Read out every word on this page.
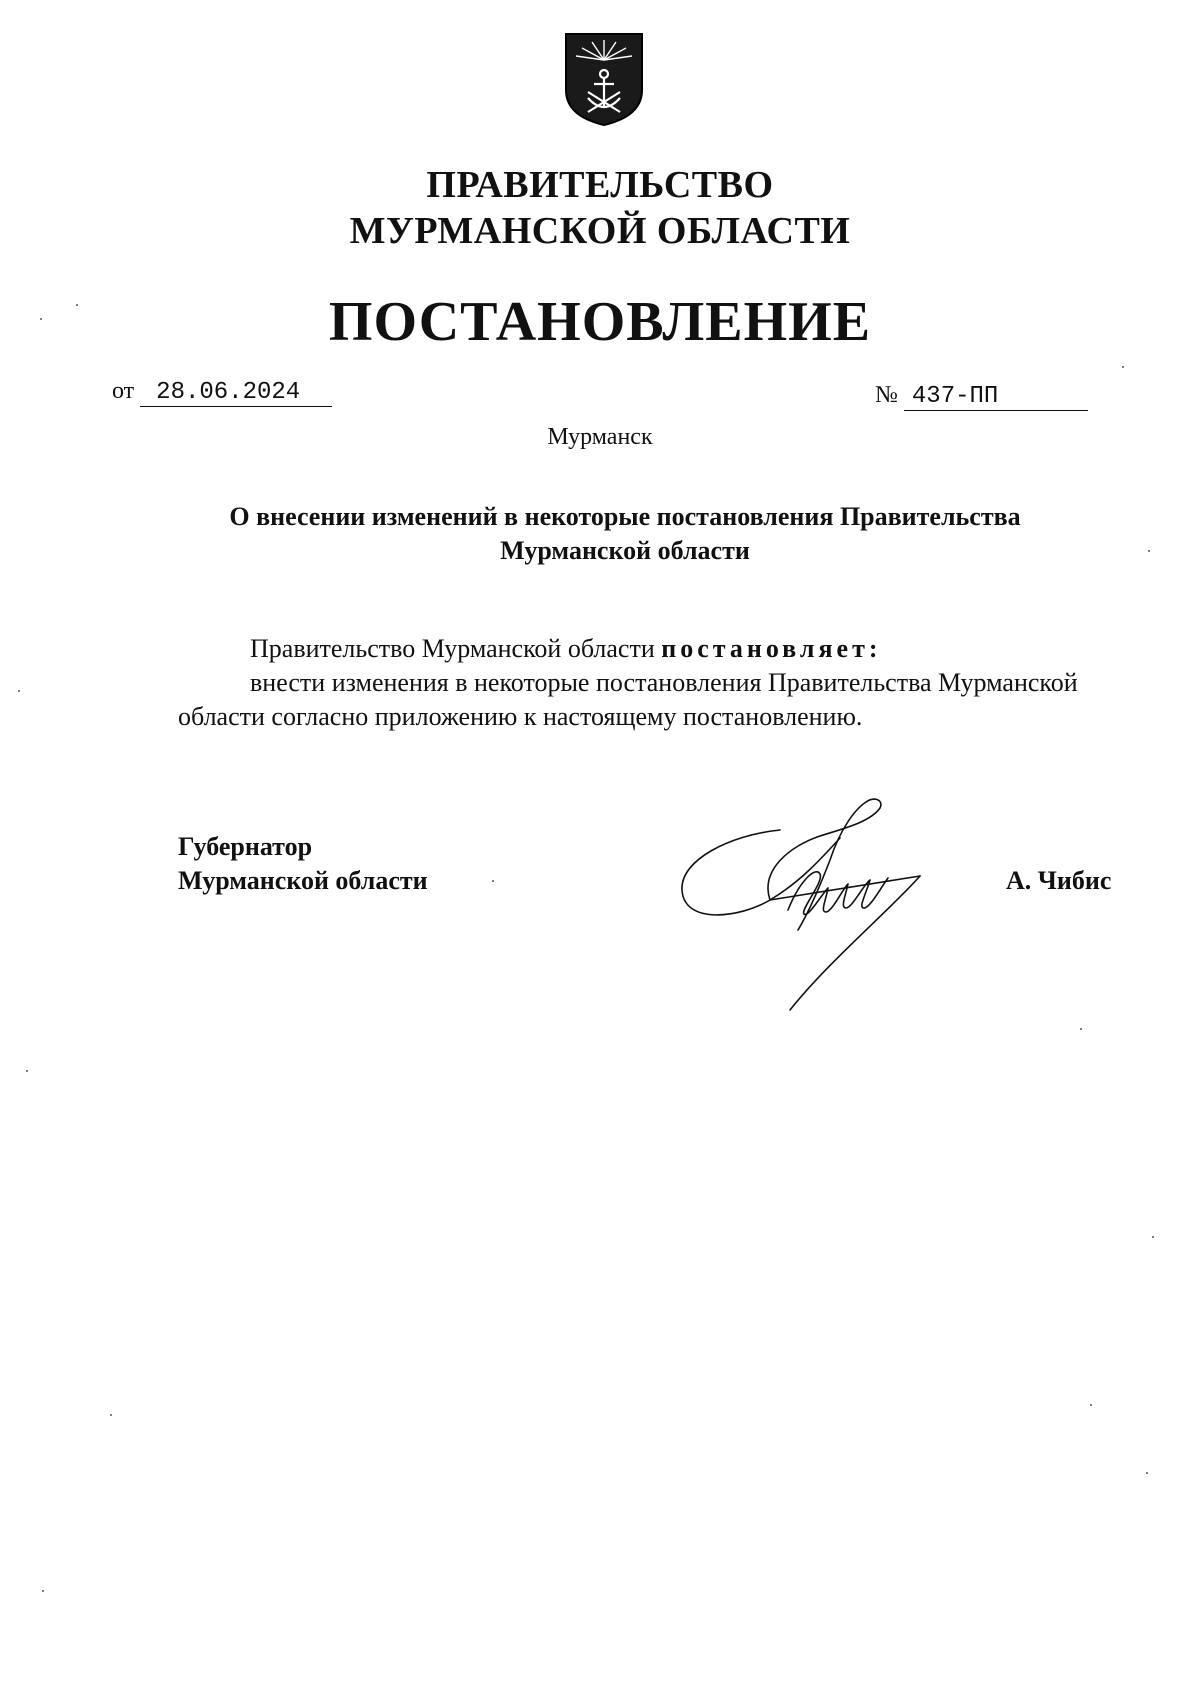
ПРАВИТЕЛЬСТВО
МУРМАНСКОЙ ОБЛАСТИ
ПОСТАНОВЛЕНИЕ
от 28.06.2024	№ 437-ПП
Мурманск
О внесении изменений в некоторые постановления Правительства
Мурманской области
Правительство Мурманской области постановляет:
внести изменения в некоторые постановления Правительства Мурманской области согласно приложению к настоящему постановлению.
Губернатор
Мурманской области	А. Чибис
